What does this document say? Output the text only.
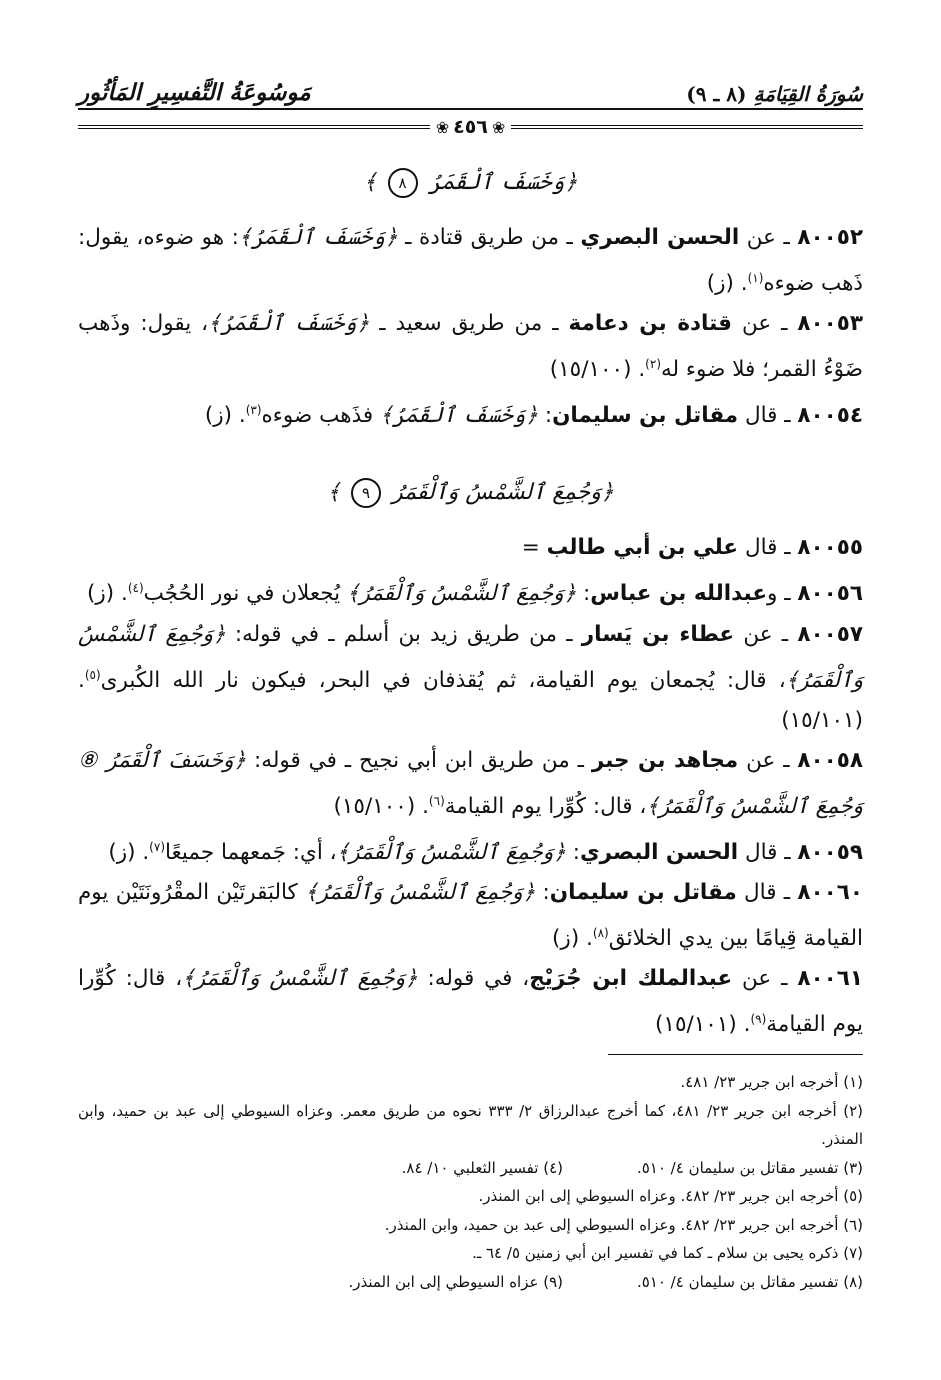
مَوسُوعَةُ التَّفسِيرِ المَأثُور	سُورَةُ القِيَامَةِ (٨ ـ ٩)
❀
٤٥٦
❀
﴿وَخَسَفَ ٱلْقَمَرُ ٨ ﴾

٨٠٠٥٢ ـ عن الحسن البصري ـ من طريق قتادة ـ ﴿وَخَسَفَ ٱلْقَمَرُ﴾: هو ضوءه، يقول: ذَهب ضوءه$^{(١)}$. (ز)

٨٠٠٥٣ ـ عن قتادة بن دعامة ـ من طريق سعيد ـ ﴿وَخَسَفَ ٱلْقَمَرُ﴾، يقول: وذَهب ضَوْءُ القمر؛ فلا ضوء له$^{(٢)}$. (١٥/١٠٠)

٨٠٠٥٤ ـ قال مقاتل بن سليمان: ﴿وَخَسَفَ ٱلْقَمَرُ﴾ فذَهب ضوءه$^{(٣)}$. (ز)

﴿وَجُمِعَ ٱلشَّمْسُ وَٱلْقَمَرُ ٩ ﴾

٨٠٠٥٥ ـ قال علي بن أبي طالب =

٨٠٠٥٦ ـ وعبدالله بن عباس: ﴿وَجُمِعَ ٱلشَّمْسُ وَٱلْقَمَرُ﴾ يُجعلان في نور الحُجُب$^{(٤)}$. (ز)

٨٠٠٥٧ ـ عن عطاء بن يَسار ـ من طريق زيد بن أسلم ـ في قوله: ﴿وَجُمِعَ ٱلشَّمْسُ وَٱلْقَمَرُ﴾، قال: يُجمعان يوم القيامة، ثم يُقذفان في البحر، فيكون نار الله الكُبرى$^{(٥)}$. (١٥/١٠١)

٨٠٠٥٨ ـ عن مجاهد بن جبر ـ من طريق ابن أبي نجيح ـ في قوله: ﴿وَخَسَفَ ٱلْقَمَرُ ⑧ وَجُمِعَ ٱلشَّمْسُ وَٱلْقَمَرُ﴾، قال: كُوِّرا يوم القيامة$^{(٦)}$. (١٥/١٠٠)

٨٠٠٥٩ ـ قال الحسن البصري: ﴿وَجُمِعَ ٱلشَّمْسُ وَٱلْقَمَرُ﴾، أي: جَمعهما جميعًا$^{(٧)}$. (ز)

٨٠٠٦٠ ـ قال مقاتل بن سليمان: ﴿وَجُمِعَ ٱلشَّمْسُ وَٱلْقَمَرُ﴾ كالبَقرتَيْن المقْرُونَتَيْن يوم القيامة قِيامًا بين يدي الخلائق$^{(٨)}$. (ز)

٨٠٠٦١ ـ عن عبدالملك ابن جُرَيْج، في قوله: ﴿وَجُمِعَ ٱلشَّمْسُ وَٱلْقَمَرُ﴾، قال: كُوِّرا يوم القيامة$^{(٩)}$. (١٥/١٠١)

(١) أخرجه ابن جرير ٢٣/ ٤٨١.

(٢) أخرجه ابن جرير ٢٣/ ٤٨١، كما أخرج عبدالرزاق ٢/ ٣٣٣ نحوه من طريق معمر. وعزاه السيوطي إلى عبد بن حميد، وابن المنذر.

(٣) تفسير مقاتل بن سليمان ٤/ ٥١٠.
(٤) تفسير الثعلبي ١٠/ ٨٤.

(٥) أخرجه ابن جرير ٢٣/ ٤٨٢. وعزاه السيوطي إلى ابن المنذر.

(٦) أخرجه ابن جرير ٢٣/ ٤٨٢. وعزاه السيوطي إلى عبد بن حميد، وابن المنذر.

(٧) ذكره يحيى بن سلام ـ كما في تفسير ابن أبي زمنين ٥/ ٦٤ ـ.

(٨) تفسير مقاتل بن سليمان ٤/ ٥١٠.
(٩) عزاه السيوطي إلى ابن المنذر.
